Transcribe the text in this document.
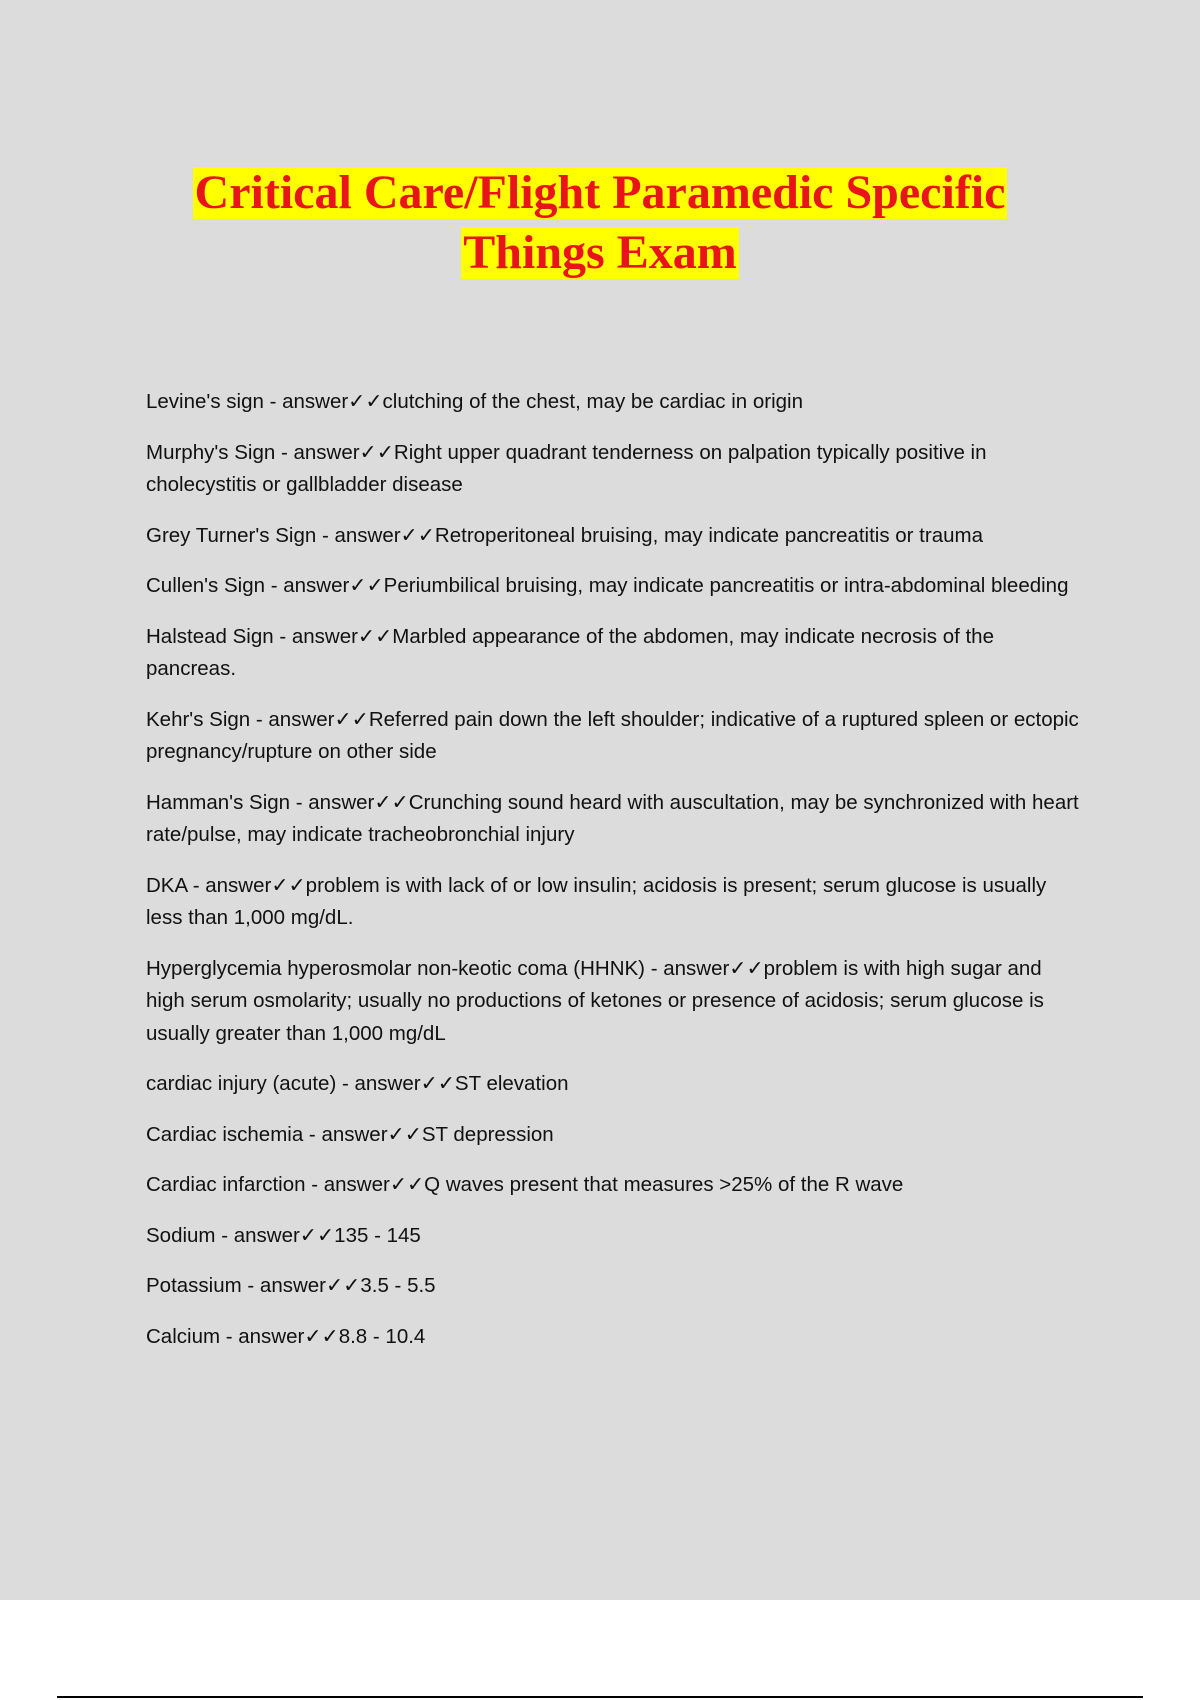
Critical Care/Flight Paramedic Specific
Things Exam

Levine's sign - answer✓✓clutching of the chest, may be cardiac in origin

Murphy's Sign - answer✓✓Right upper quadrant tenderness on palpation typically positive in cholecystitis or gallbladder disease

Grey Turner's Sign - answer✓✓Retroperitoneal bruising, may indicate pancreatitis or trauma

Cullen's Sign - answer✓✓Periumbilical bruising, may indicate pancreatitis or intra-abdominal bleeding

Halstead Sign - answer✓✓Marbled appearance of the abdomen, may indicate necrosis of the pancreas.

Kehr's Sign - answer✓✓Referred pain down the left shoulder; indicative of a ruptured spleen or ectopic pregnancy/rupture on other side

Hamman's Sign - answer✓✓Crunching sound heard with auscultation, may be synchronized with heart rate/pulse, may indicate tracheobronchial injury

DKA - answer✓✓problem is with lack of or low insulin; acidosis is present; serum glucose is usually less than 1,000 mg/dL.

Hyperglycemia hyperosmolar non-keotic coma (HHNK) - answer✓✓problem is with high sugar and high serum osmolarity; usually no productions of ketones or presence of acidosis; serum glucose is usually greater than 1,000 mg/dL

cardiac injury (acute) - answer✓✓ST elevation

Cardiac ischemia - answer✓✓ST depression

Cardiac infarction - answer✓✓Q waves present that measures >25% of the R wave

Sodium - answer✓✓135 - 145

Potassium - answer✓✓3.5 - 5.5

Calcium - answer✓✓8.8 - 10.4
